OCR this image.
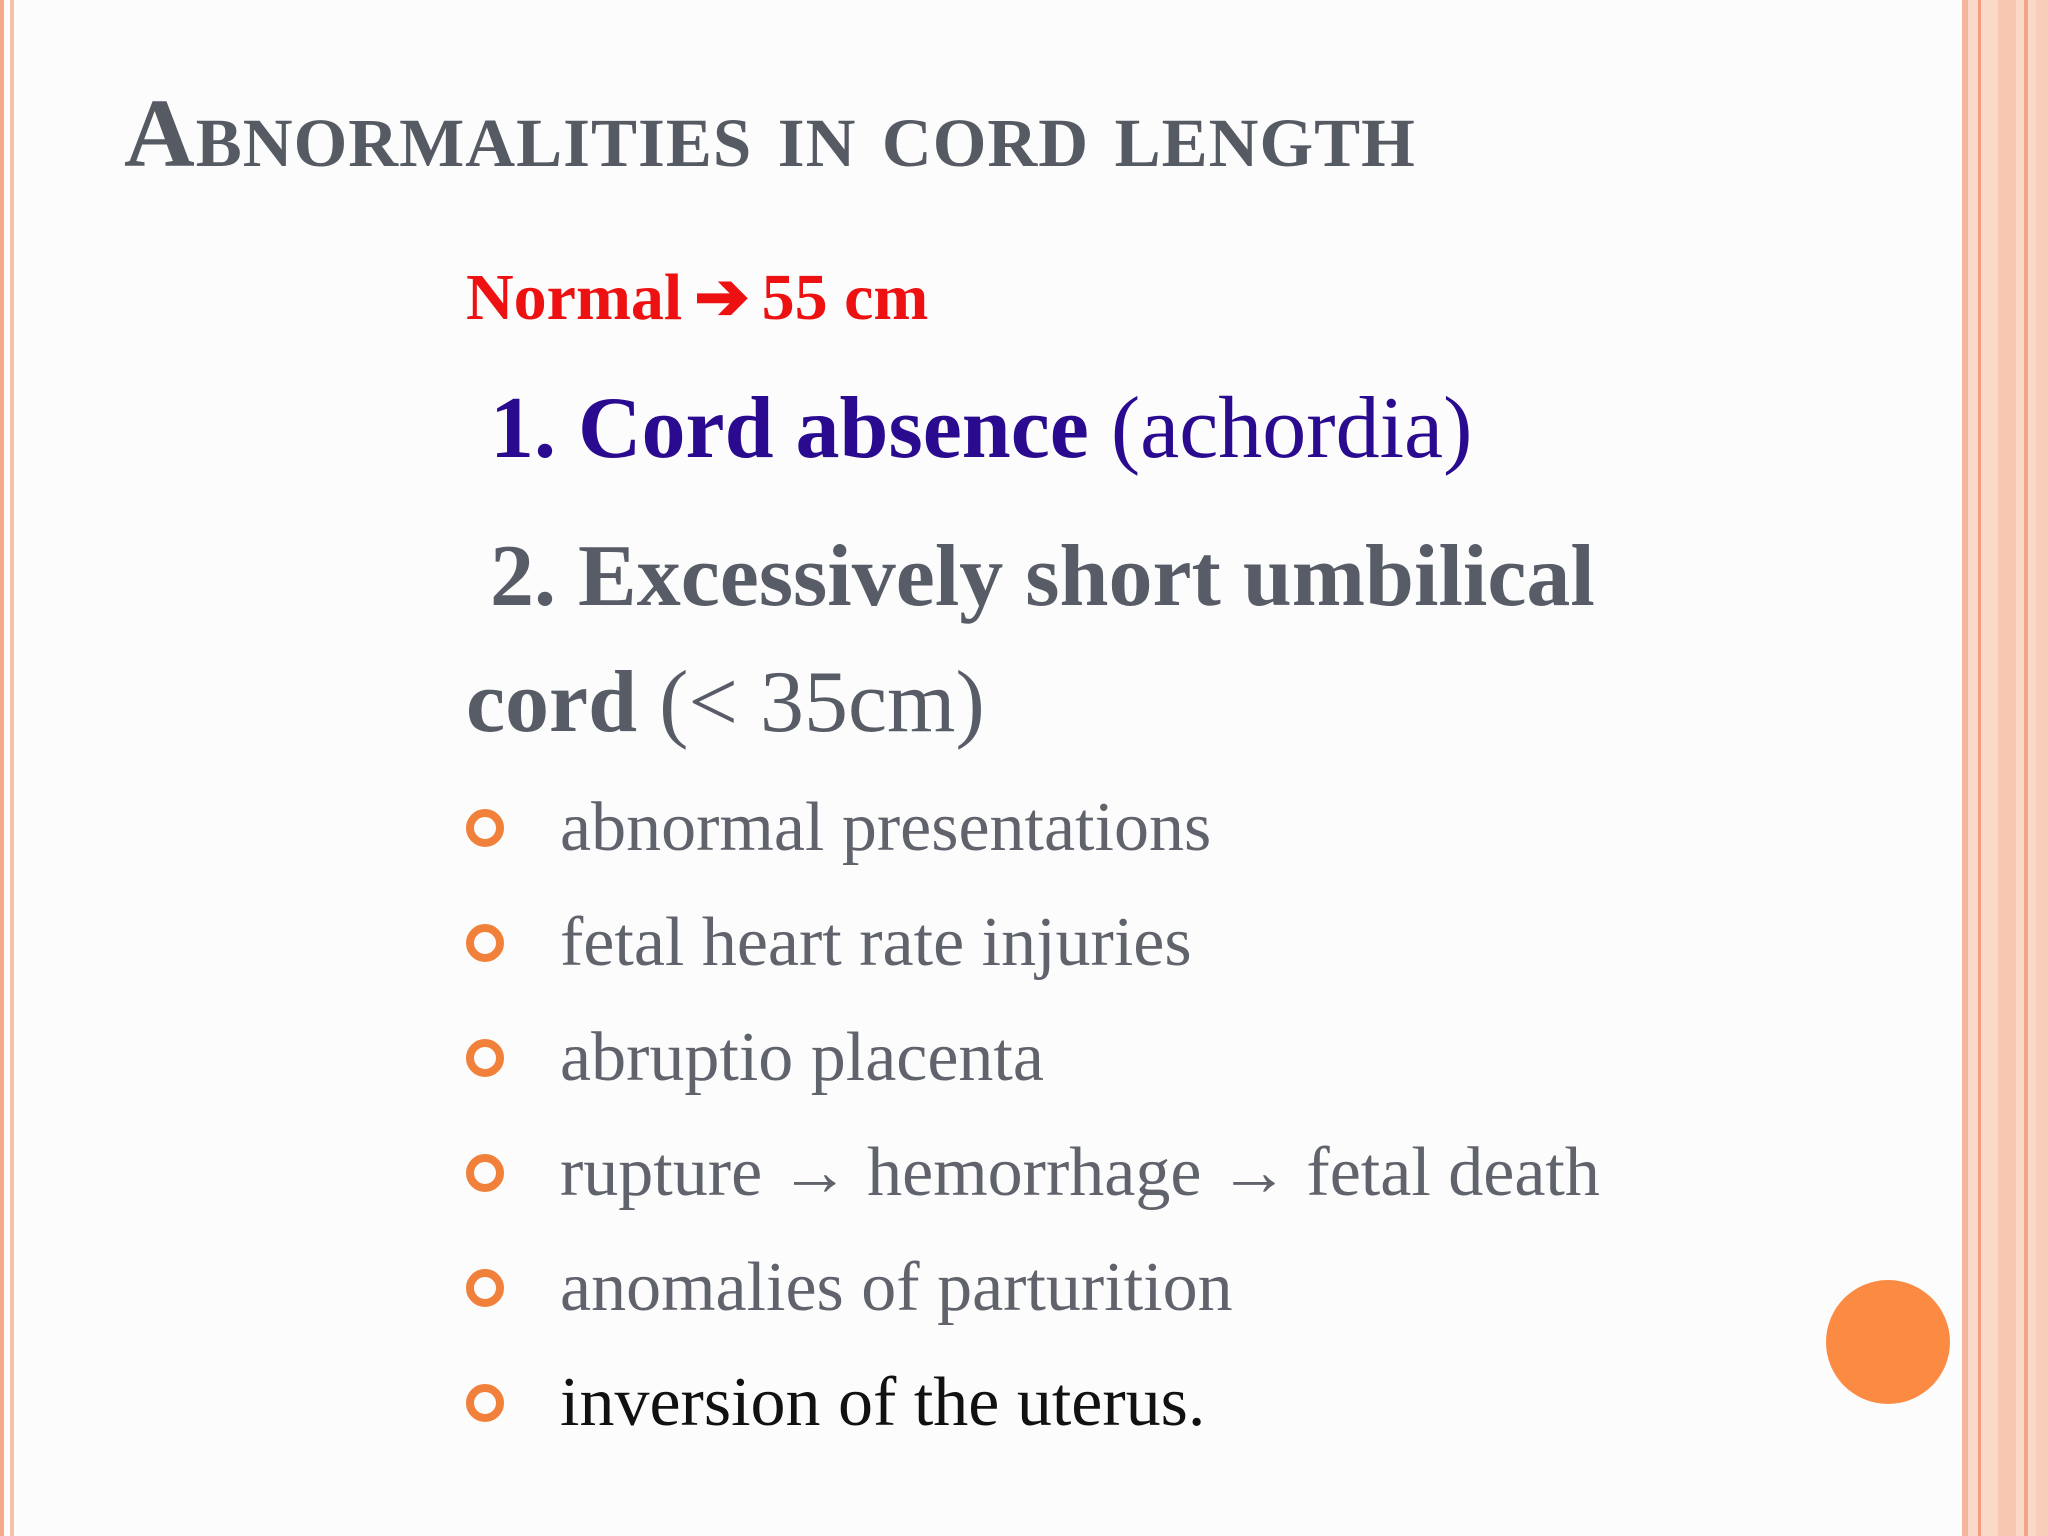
Abnormalities in cord length
Normal ➔ 55 cm
1. Cord absence (achordia)
2. Excessively short umbilical
cord (< 35cm)
abnormal presentations
fetal heart rate injuries
abruptio placenta
rupture → hemorrhage → fetal death
anomalies of parturition
inversion of the uterus.
